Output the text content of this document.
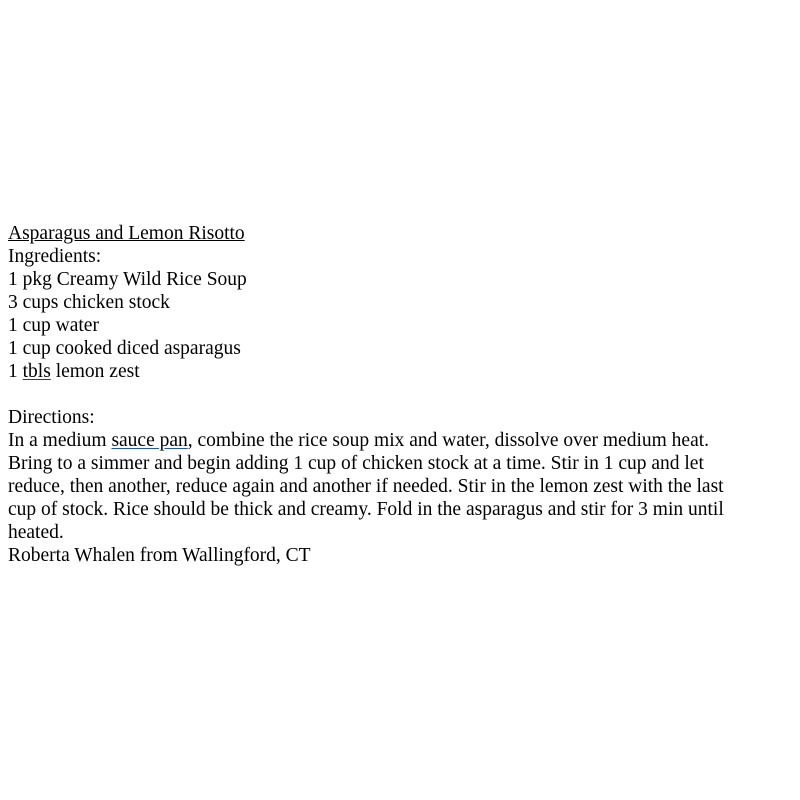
Asparagus and Lemon Risotto
Ingredients:
1 pkg Creamy Wild Rice Soup
3 cups chicken stock
1 cup water
1 cup cooked diced asparagus
1 tbls lemon zest
Directions:
In a medium sauce pan, combine the rice soup mix and water, dissolve over medium heat. Bring to a simmer and begin adding 1 cup of chicken stock at a time. Stir in 1 cup and let reduce, then another, reduce again and another if needed. Stir in the lemon zest with the last cup of stock. Rice should be thick and creamy. Fold in the asparagus and stir for 3 min until heated.
Roberta Whalen from Wallingford, CT
